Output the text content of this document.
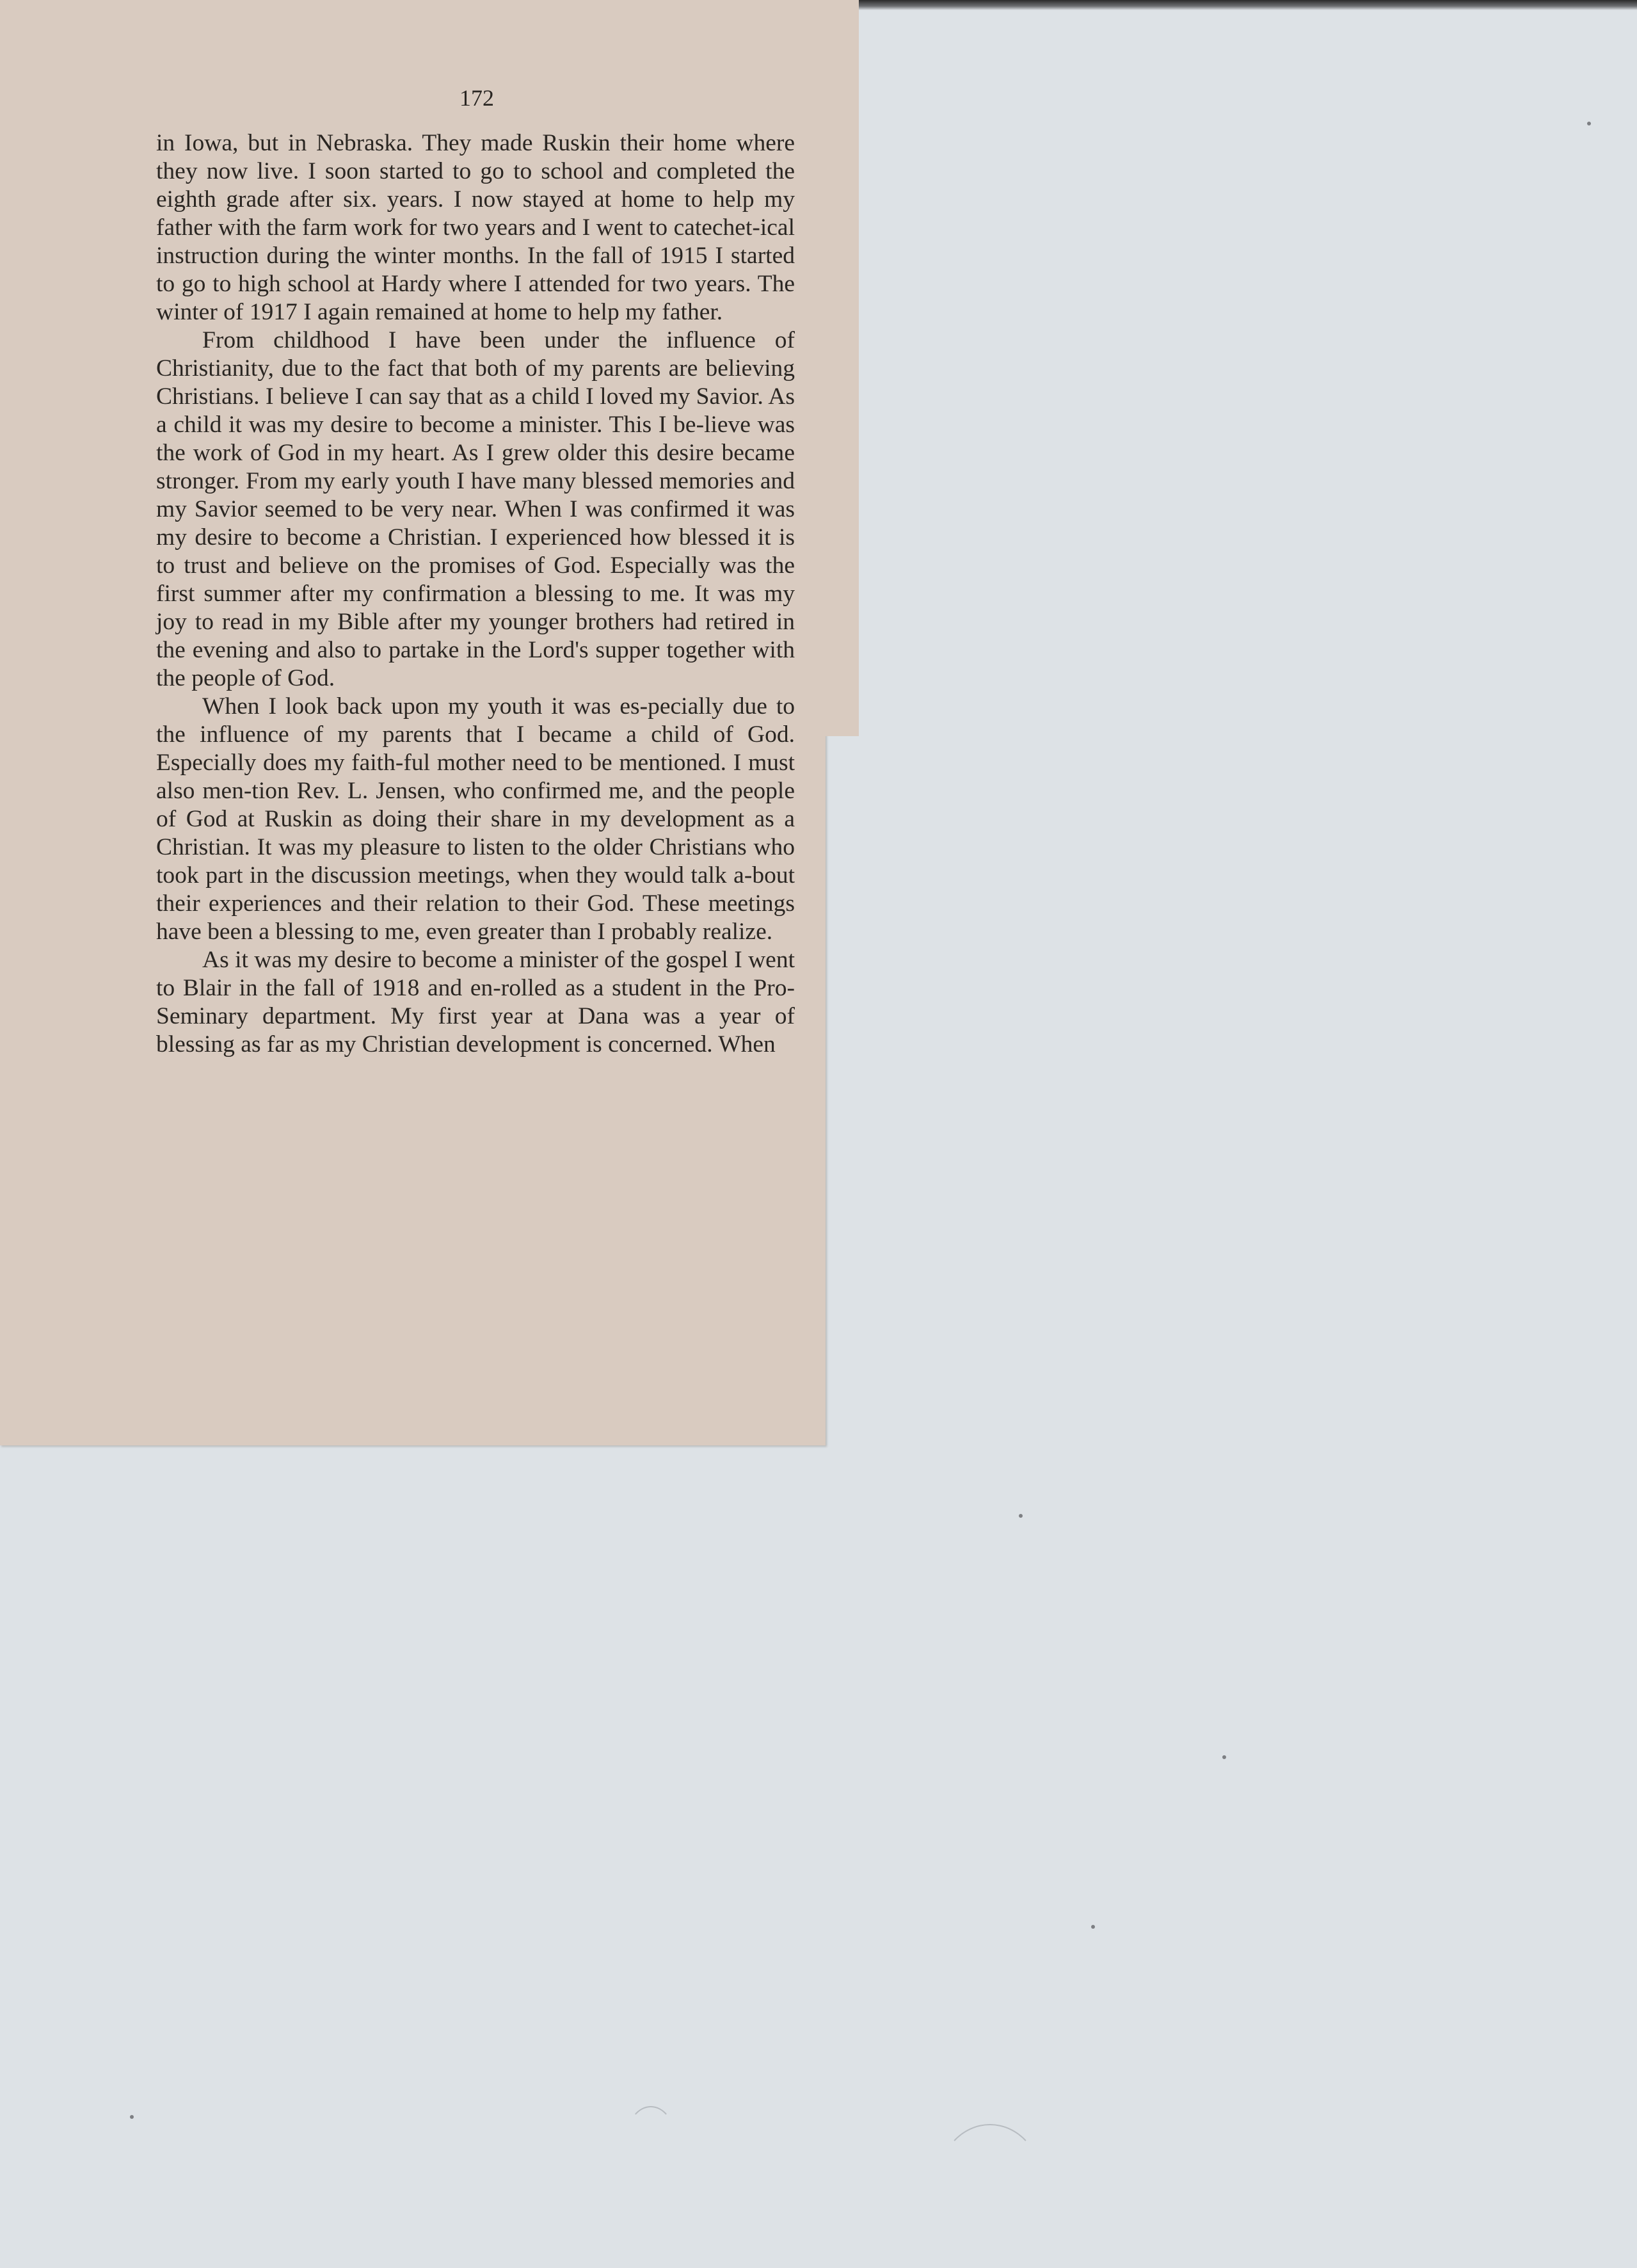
172

in Iowa, but in Nebraska. They made Ruskin their home where they now live. I soon started to go to school and completed the eighth grade after six. years. I now stayed at home to help my father with the farm work for two years and I went to catechet-ical instruction during the winter months. In the fall of 1915 I started to go to high school at Hardy where I attended for two years. The winter of 1917 I again remained at home to help my father.

From childhood I have been under the influence of Christianity, due to the fact that both of my parents are believing Christians. I believe I can say that as a child I loved my Savior. As a child it was my desire to become a minister. This I be-lieve was the work of God in my heart. As I grew older this desire became stronger. From my early youth I have many blessed memories and my Savior seemed to be very near. When I was confirmed it was my desire to become a Christian. I experienced how blessed it is to trust and believe on the promises of God. Especially was the first summer after my confirmation a blessing to me. It was my joy to read in my Bible after my younger brothers had retired in the evening and also to partake in the Lord's supper together with the people of God.

When I look back upon my youth it was es-pecially due to the influence of my parents that I became a child of God. Especially does my faith-ful mother need to be mentioned. I must also men-tion Rev. L. Jensen, who confirmed me, and the people of God at Ruskin as doing their share in my development as a Christian. It was my pleasure to listen to the older Christians who took part in the discussion meetings, when they would talk a-bout their experiences and their relation to their God. These meetings have been a blessing to me, even greater than I probably realize.

As it was my desire to become a minister of the gospel I went to Blair in the fall of 1918 and en-rolled as a student in the Pro-Seminary department. My first year at Dana was a year of blessing as far as my Christian development is concerned. When
